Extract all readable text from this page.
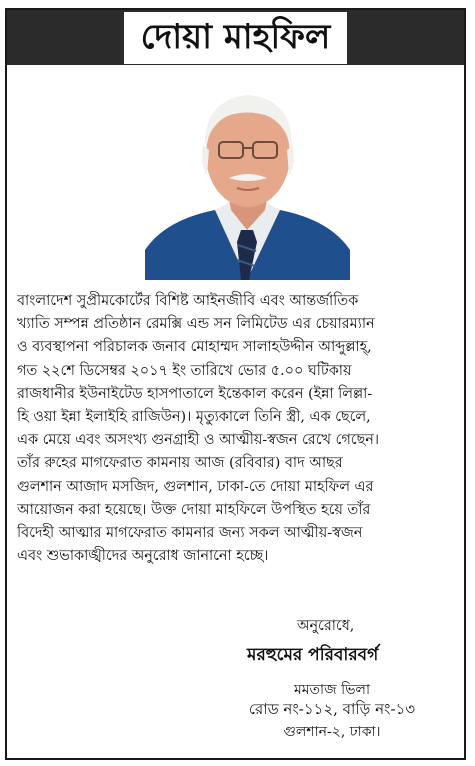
দোয়া মাহফিল
বাংলাদেশ সুপ্রীমকোর্টের বিশিষ্ট আইনজীবি এবং আন্তর্জাতিক
খ্যাতি সম্পন্ন প্রতিষ্ঠান রেমক্সি এন্ড সন লিমিটেড এর চেয়ারম্যান
ও ব্যবস্থাপনা পরিচালক জনাব মোহাম্মদ সালাহউদ্দীন আব্দুল্লাহ্,
গত ২২শে ডিসেম্বর ২০১৭ ইং তারিখে ভোর ৫.০০ ঘটিকায়
রাজধানীর ইউনাইটেড হাসপাতালে ইন্তেকাল করেন (ইন্না লিল্লা-
হি ওয়া ইন্না ইলাইহি রাজিউন)। মৃত্যুকালে তিনি স্ত্রী, এক ছেলে,
এক মেয়ে এবং অসংখ্য গুনগ্রাহী ও আত্মীয়-স্বজন রেখে গেছেন।
তাঁর রুহের মাগফেরাত কামনায় আজ (রবিবার) বাদ আছর
গুলশান আজাদ মসজিদ, গুলশান, ঢাকা-তে দোয়া মাহফিল এর
আয়োজন করা হয়েছে। উক্ত দোয়া মাহফিলে উপস্থিত হয়ে তাঁর
বিদেহী আত্মার মাগফেরাত কামনার জন্য সকল আত্মীয়-স্বজন
এবং শুভাকাঙ্খীদের অনুরোধ জানানো হচ্ছে।
অনুরোধে,
মরহুমের পরিবারবর্গ
মমতাজ ভিলা
রোড নং-১১২, বাড়ি নং-১৩
গুলশান-২, ঢাকা।
